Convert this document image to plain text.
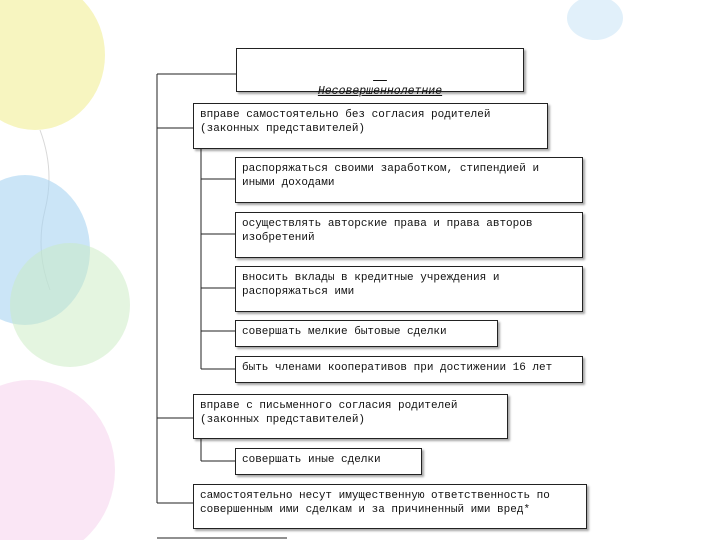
Несовершеннолетние

вправе самостоятельно без согласия родителей (законных представителей)
распоряжаться своими заработком, стипендией и иными доходами
осуществлять авторские права и права авторов изобретений
вносить вклады в кредитные учреждения и распоряжаться ими
совершать мелкие бытовые сделки
быть членами кооперативов при достижении 16 лет
вправе с письменного согласия родителей (законных представителей)
совершать иные сделки
самостоятельно несут имущественную ответственность по совершенным ими сделкам и за причиненный ими вред*
